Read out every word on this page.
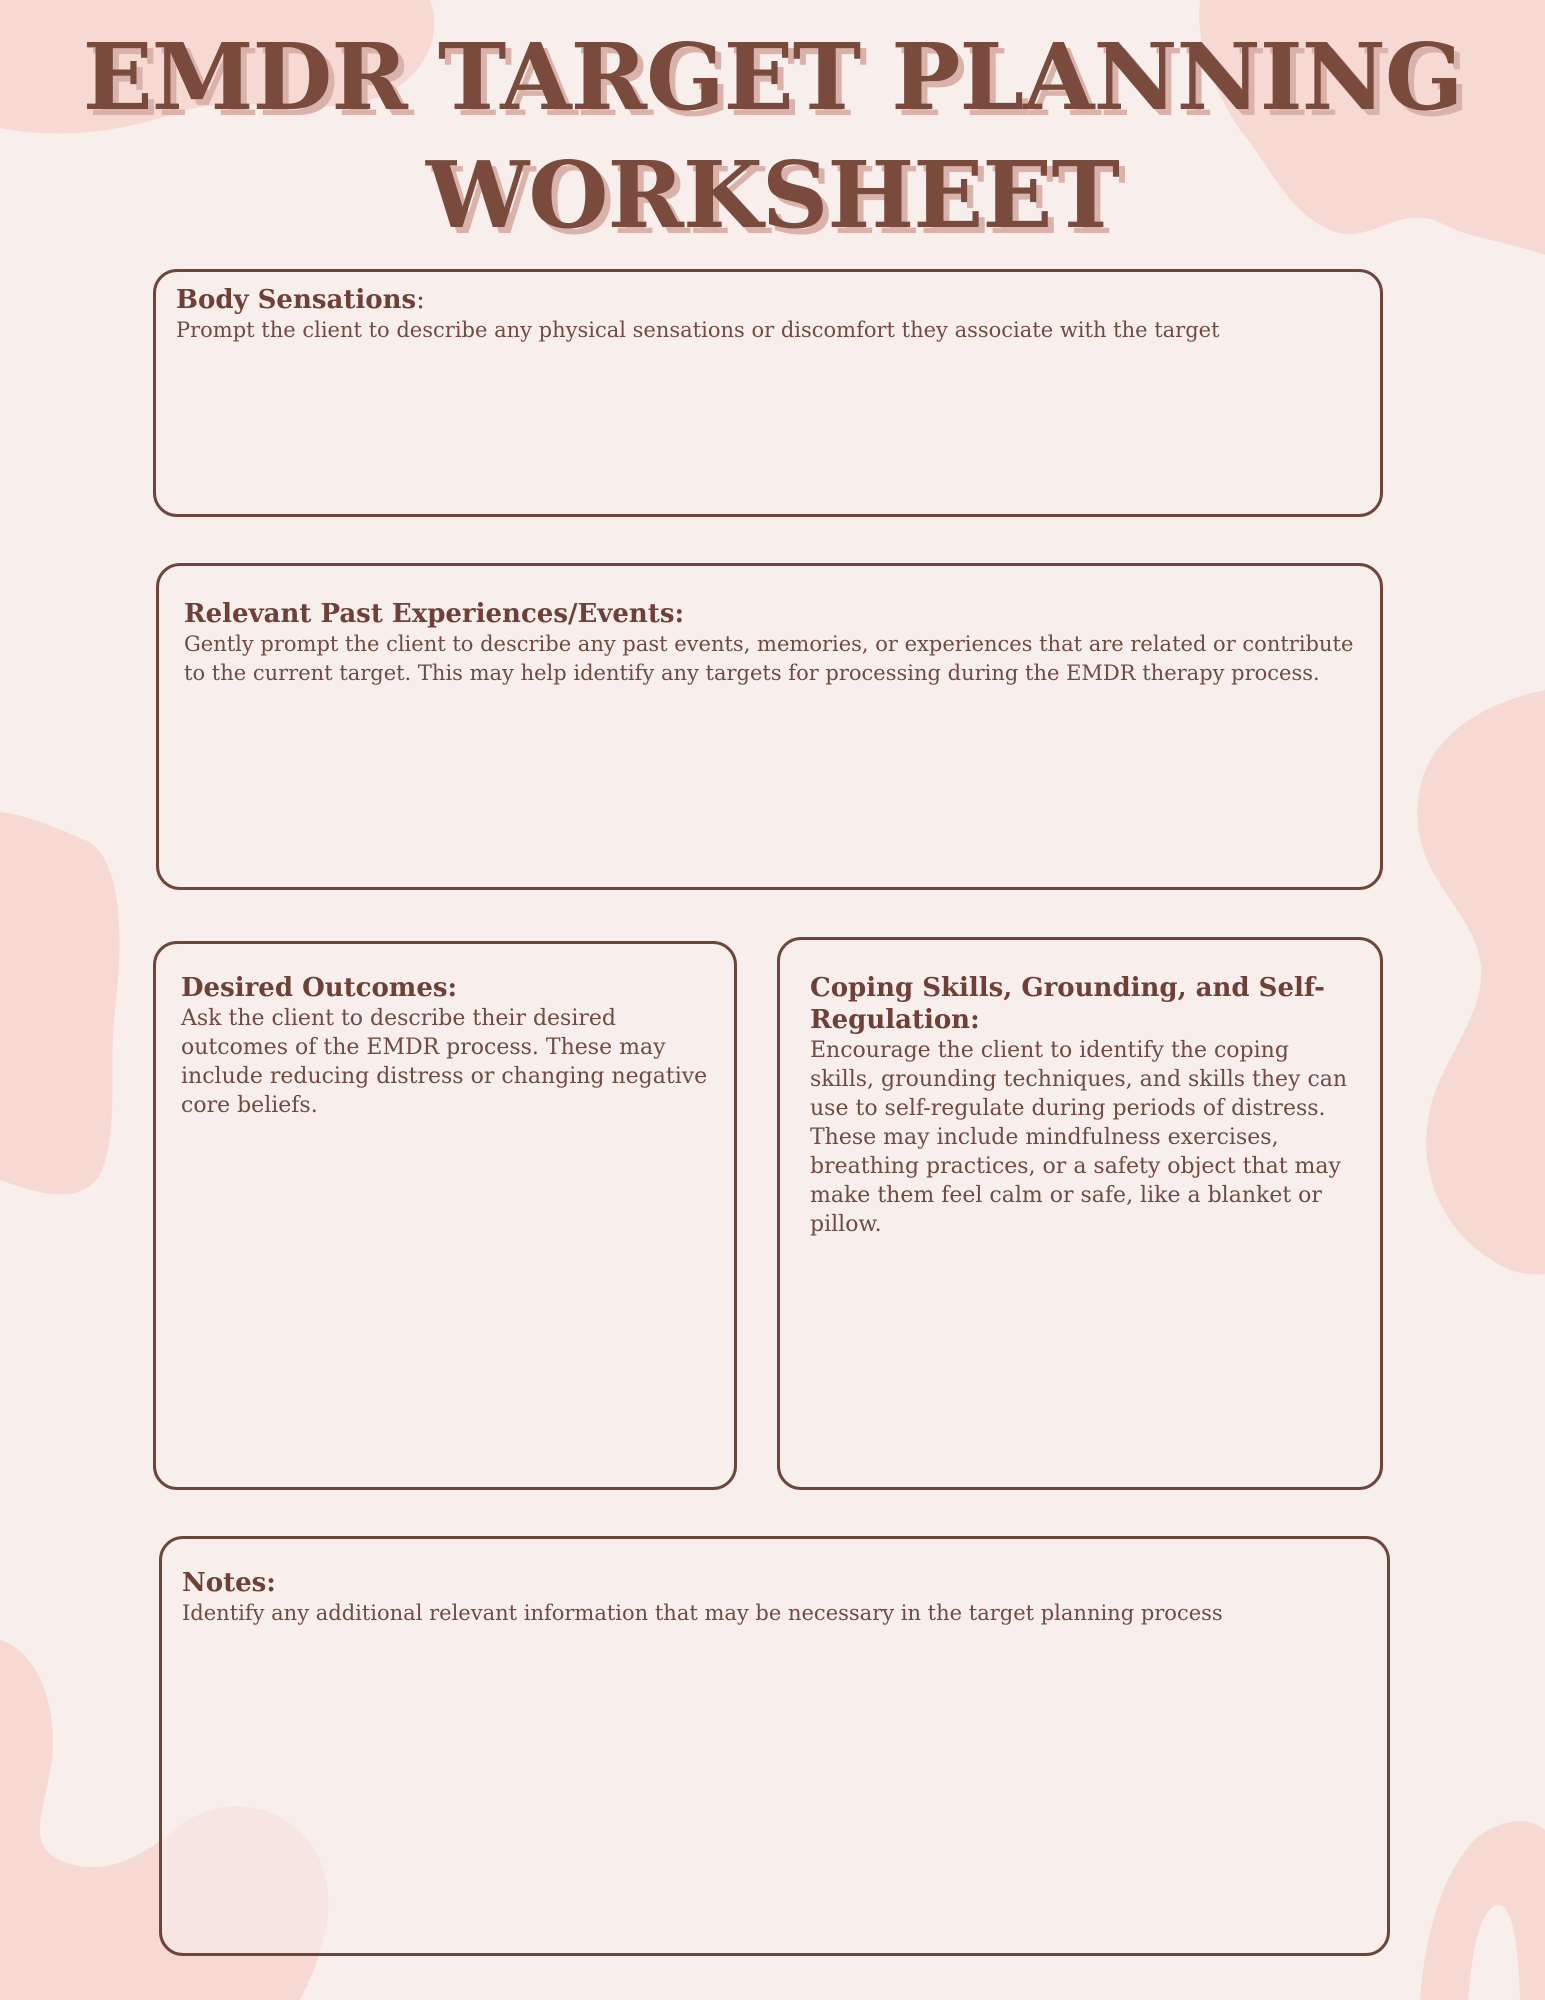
EMDR TARGET PLANNING WORKSHEET
Body Sensations:

Prompt the client to describe any physical sensations or discomfort they associate with the target

Relevant Past Experiences/Events:

Gently prompt the client to describe any past events, memories, or experiences that are related or contribute to the current target. This may help identify any targets for processing during the EMDR therapy process.

Desired Outcomes:

Ask the client to describe their desired outcomes of the EMDR process. These may include reducing distress or changing negative core beliefs.

Coping Skills, Grounding, and Self-Regulation:

Encourage the client to identify the coping skills, grounding techniques, and skills they can use to self-regulate during periods of distress. These may include mindfulness exercises, breathing practices, or a safety object that may make them feel calm or safe, like a blanket or pillow.

Notes:

Identify any additional relevant information that may be necessary in the target planning process
